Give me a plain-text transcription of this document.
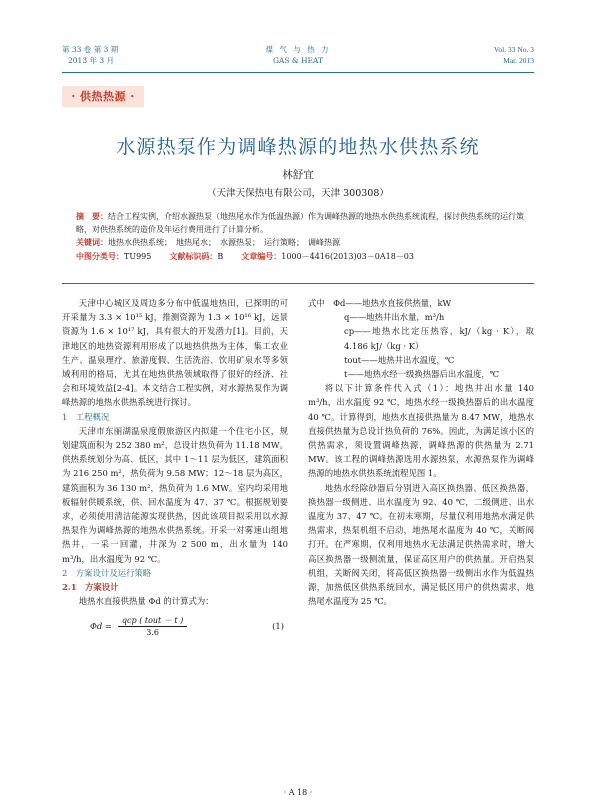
第 33 卷 第 3 期
2013 年 3 月
煤 气 与 热 力
GAS & HEAT
Vol. 33 No. 3
Mar. 2013
· 供热热源 ·
水源热泵作为调峰热源的地热水供热系统
林舒宜
（天津天保热电有限公司，天津 300308）
摘　要：结合工程实例，介绍水源热泵（地热尾水作为低温热源）作为调峰热源的地热水供热系统流程，探讨供热系统的运行策略，对供热系统的造价及年运行费用进行了计算分析。
关键词：地热水供热系统；　地热尾水；　水源热泵；　运行策略；　调峰热源
中图分类号：TU995 文献标识码：B 文章编号：1000－4416(2013)03－0A18－03

天津中心城区及周边多分布中低温地热田，已探明的可开采量为 3.3 × 10¹⁵ kJ，推测资源为 1.3 × 10¹⁶ kJ，远景资源为 1.6 × 10¹⁷ kJ，具有很大的开发潜力[1]。目前，天津地区的地热资源利用形成了以地热供热为主体，集工农业生产、温泉理疗、旅游度假、生活洗浴、饮用矿泉水等多领域利用的格局，尤其在地热供热领域取得了很好的经济、社会和环境效益[2-4]。本文结合工程实例，对水源热泵作为调峰热源的地热水供热系统进行探讨。

1　工程概况

天津市东丽湖温泉度假旅游区内拟建一个住宅小区，规划建筑面积为 252 380 m²，总设计热负荷为 11.18 MW。供热系统划分为高、低区，其中 1～11 层为低区，建筑面积为 216 250 m²，热负荷为 9.58 MW；12～18 层为高区，建筑面积为 36 130 m²，热负荷为 1.6 MW。室内均采用地板辐射供暖系统，供、回水温度为 47、37 ℃。根据规划要求，必须使用清洁能源实现供热，因此该项目拟采用以水源热泵作为调峰热源的地热水供热系统。开采一对雾速山组地热井，一采一回灌，井深为 2 500 m，出水量为 140 m³/h，出水温度为 92 ℃。

2　方案设计及运行策略

2.1　方案设计

地热水直接供热量 Φd 的计算式为：

$\Phi d = \frac{\text{qcp ( tout － t )}}{3.6}$	(1)

式中　Φd——地热水直接供热量，kW

q——地热井出水量，m³/h

cp——地热水比定压热容，kJ/（kg · K），取 4.186 kJ/（kg · K）

tout——地热井出水温度，℃

t——地热水经一级换热器后出水温度，℃

将以下计算条件代入式（1）：地热井出水量 140 m³/h，出水温度 92 ℃，地热水经一级换热器后的出水温度 40 ℃。计算得到，地热水直接供热量为 8.47 MW，地热水直接供热量为总设计热负荷的 76%。因此，为满足该小区的供热需求，须设置调峰热源，调峰热源的供热量为 2.71 MW。该工程的调峰热源选用水源热泵，水源热泵作为调峰热源的地热水供热系统流程见图 1。

地热水经除砂器后分别进入高区换热器、低区换热器，换热器一级侧进、出水温度为 92、40 ℃，二级侧进、出水温度为 37、47 ℃。在初末寒期，尽量仅利用地热水满足供热需求，热泵机组不启动，地热尾水温度为 40 ℃，关断阀打开。在严寒期，仅利用地热水无法满足供热需求时，增大高区换热器一级侧流量，保证高区用户的供热量。开启热泵机组，关断阀关闭，将高低区换热器一级侧出水作为低温热源，加热低区供热系统回水，满足低区用户的供热需求，地热尾水温度为 25 ℃。

· A 18 ·
